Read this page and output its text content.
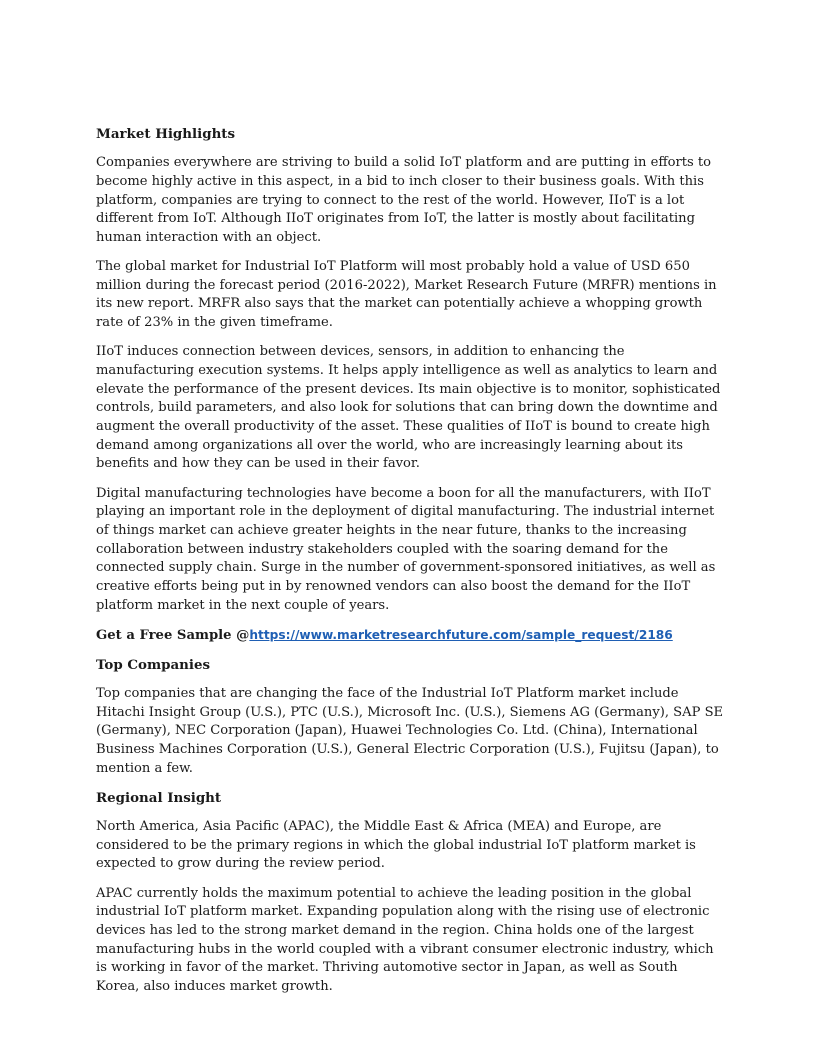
Market Highlights

Companies everywhere are striving to build a solid IoT platform and are putting in efforts to become highly active in this aspect, in a bid to inch closer to their business goals. With this platform, companies are trying to connect to the rest of the world. However, IIoT is a lot different from IoT. Although IIoT originates from IoT, the latter is mostly about facilitating human interaction with an object.

The global market for Industrial IoT Platform will most probably hold a value of USD 650 million during the forecast period (2016-2022), Market Research Future (MRFR) mentions in its new report. MRFR also says that the market can potentially achieve a whopping growth rate of 23% in the given timeframe.

IIoT induces connection between devices, sensors, in addition to enhancing the manufacturing execution systems. It helps apply intelligence as well as analytics to learn and elevate the performance of the present devices. Its main objective is to monitor, sophisticated controls, build parameters, and also look for solutions that can bring down the downtime and augment the overall productivity of the asset. These qualities of IIoT is bound to create high demand among organizations all over the world, who are increasingly learning about its benefits and how they can be used in their favor.

Digital manufacturing technologies have become a boon for all the manufacturers, with IIoT playing an important role in the deployment of digital manufacturing. The industrial internet of things market can achieve greater heights in the near future, thanks to the increasing collaboration between industry stakeholders coupled with the soaring demand for the connected supply chain. Surge in the number of government-sponsored initiatives, as well as creative efforts being put in by renowned vendors can also boost the demand for the IIoT platform market in the next couple of years.

Get a Free Sample @https://www.marketresearchfuture.com/sample_request/2186
Top Companies

Top companies that are changing the face of the Industrial IoT Platform market include Hitachi Insight Group (U.S.), PTC (U.S.), Microsoft Inc. (U.S.), Siemens AG (Germany), SAP SE (Germany), NEC Corporation (Japan), Huawei Technologies Co. Ltd. (China), International Business Machines Corporation (U.S.), General Electric Corporation (U.S.), Fujitsu (Japan), to mention a few.

Regional Insight

North America, Asia Pacific (APAC), the Middle East & Africa (MEA) and Europe, are considered to be the primary regions in which the global industrial IoT platform market is expected to grow during the review period.

APAC currently holds the maximum potential to achieve the leading position in the global industrial IoT platform market. Expanding population along with the rising use of electronic devices has led to the strong market demand in the region. China holds one of the largest manufacturing hubs in the world coupled with a vibrant consumer electronic industry, which is working in favor of the market. Thriving automotive sector in Japan, as well as South Korea, also induces market growth.
